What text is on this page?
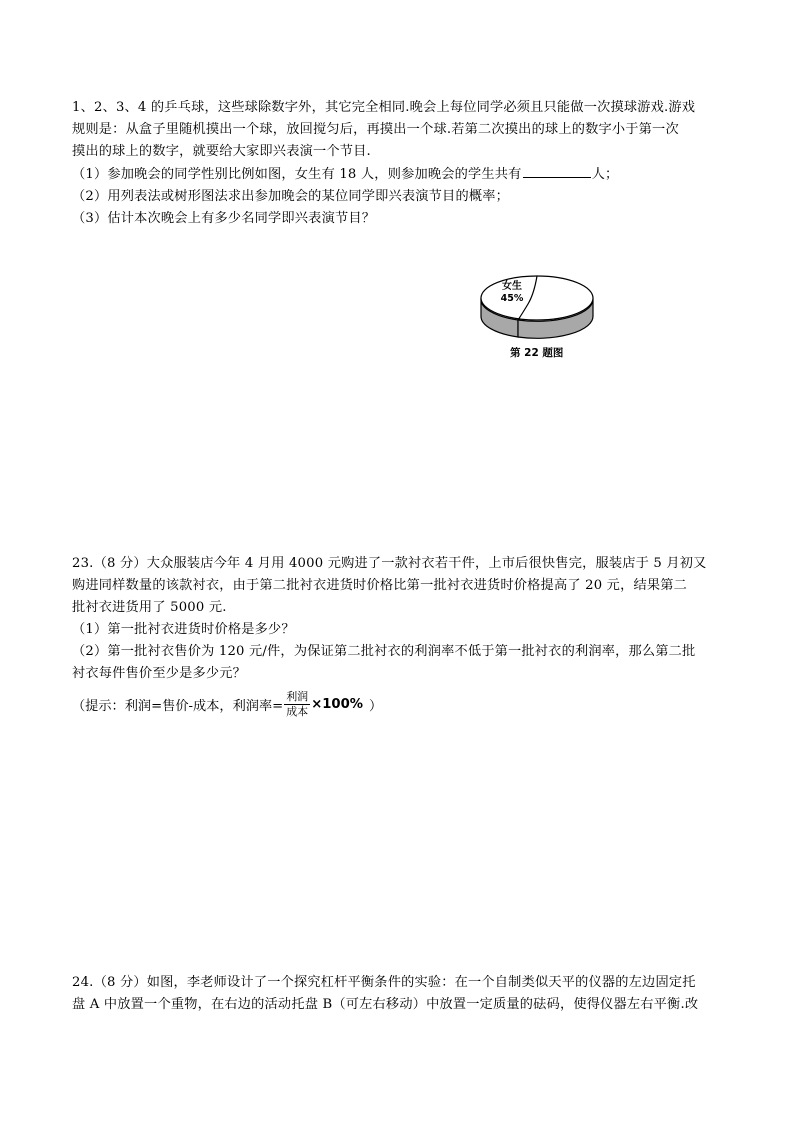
1、2、3、4 的乒乓球，这些球除数字外，其它完全相同.晚会上每位同学必须且只能做一次摸球游戏.游戏
规则是：从盒子里随机摸出一个球，放回搅匀后，再摸出一个球.若第二次摸出的球上的数字小于第一次
摸出的球上的数字，就要给大家即兴表演一个节目.
（1）参加晚会的同学性别比例如图，女生有 18 人，则参加晚会的学生共有	人；
（2）用列表法或树形图法求出参加晚会的某位同学即兴表演节目的概率；
（3）估计本次晚会上有多少名同学即兴表演节目？
女生
45%
第 22 题图
23.（8 分）大众服装店今年 4 月用 4000 元购进了一款衬衣若干件，上市后很快售完，服装店于 5 月初又
购进同样数量的该款衬衣，由于第二批衬衣进货时价格比第一批衬衣进货时价格提高了 20 元，结果第二
批衬衣进货用了 5000 元.
（1）第一批衬衣进货时价格是多少？
（2）第一批衬衣售价为 120 元/件，为保证第二批衬衣的利润率不低于第一批衬衣的利润率，那么第二批
衬衣每件售价至少是多少元？
（提示：利润=售价-成本，利润率= $\frac{\text{利润}}{\text{成本}} \times 100\%$ ）
24.（8 分）如图，李老师设计了一个探究杠杆平衡条件的实验：在一个自制类似天平的仪器的左边固定托
盘 A 中放置一个重物，在右边的活动托盘 B（可左右移动）中放置一定质量的砝码，使得仪器左右平衡.改
